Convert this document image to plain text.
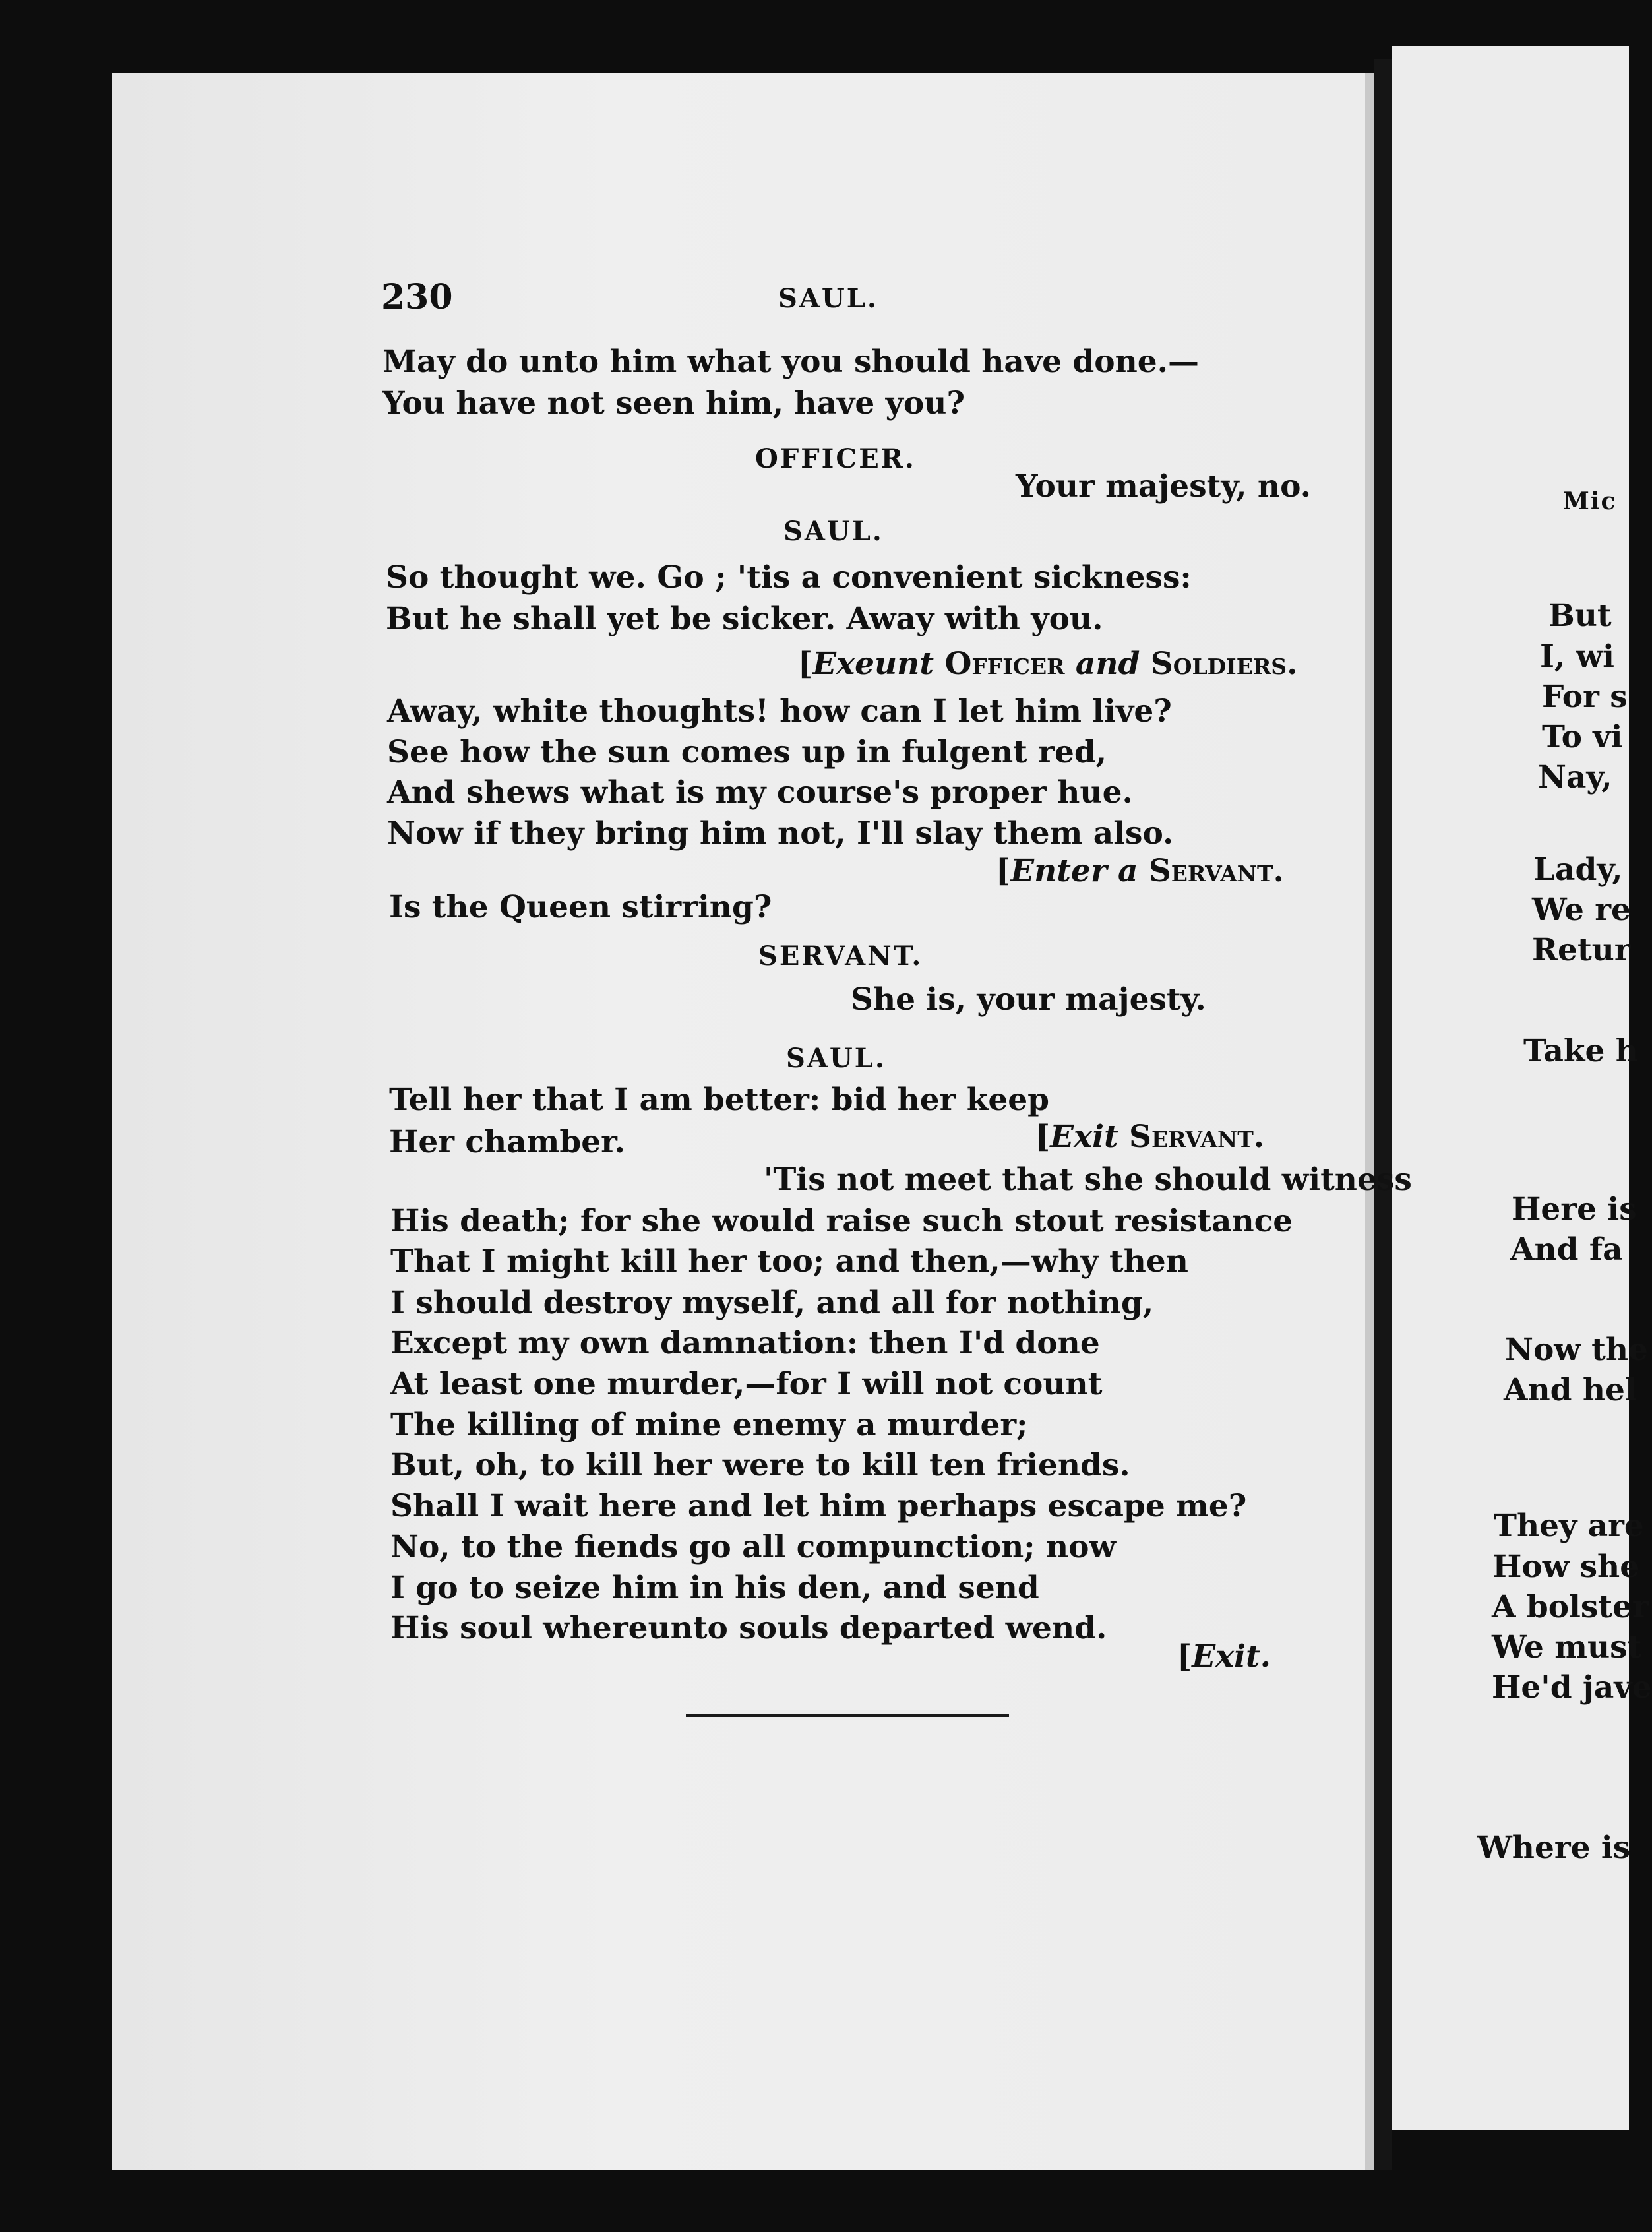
230	SAUL.
May do unto him what you should have done.—
You have not seen him, have you?
OFFICER.
Your majesty, no.
SAUL.
So thought we. Go ; 'tis a convenient sickness:
But he shall yet be sicker. Away with you.
[Exeunt Officer and Soldiers.
Away, white thoughts! how can I let him live?
See how the sun comes up in fulgent red,
And shews what is my course's proper hue.
Now if they bring him not, I'll slay them also.
[Enter a Servant.
Is the Queen stirring?
SERVANT.
She is, your majesty.
SAUL.
Tell her that I am better: bid her keep
Her chamber.	[Exit Servant.
'Tis not meet that she should witness
His death; for she would raise such stout resistance
That I might kill her too; and then,—why then
I should destroy myself, and all for nothing,
Except my own damnation: then I'd done
At least one murder,—for I will not count
The killing of mine enemy a murder;
But, oh, to kill her were to kill ten friends.
Shall I wait here and let him perhaps escape me?
No, to the fiends go all compunction; now
I go to seize him in his den, and send
His soul whereunto souls departed wend.
[Exit.
Mic
But
I, wi
For s
To vi
Nay,
Lady,
We re
Retur
Take h
Here is
And fa
Now the
And hel
They are
How she
A bolster
We must
He'd jave
Where is
